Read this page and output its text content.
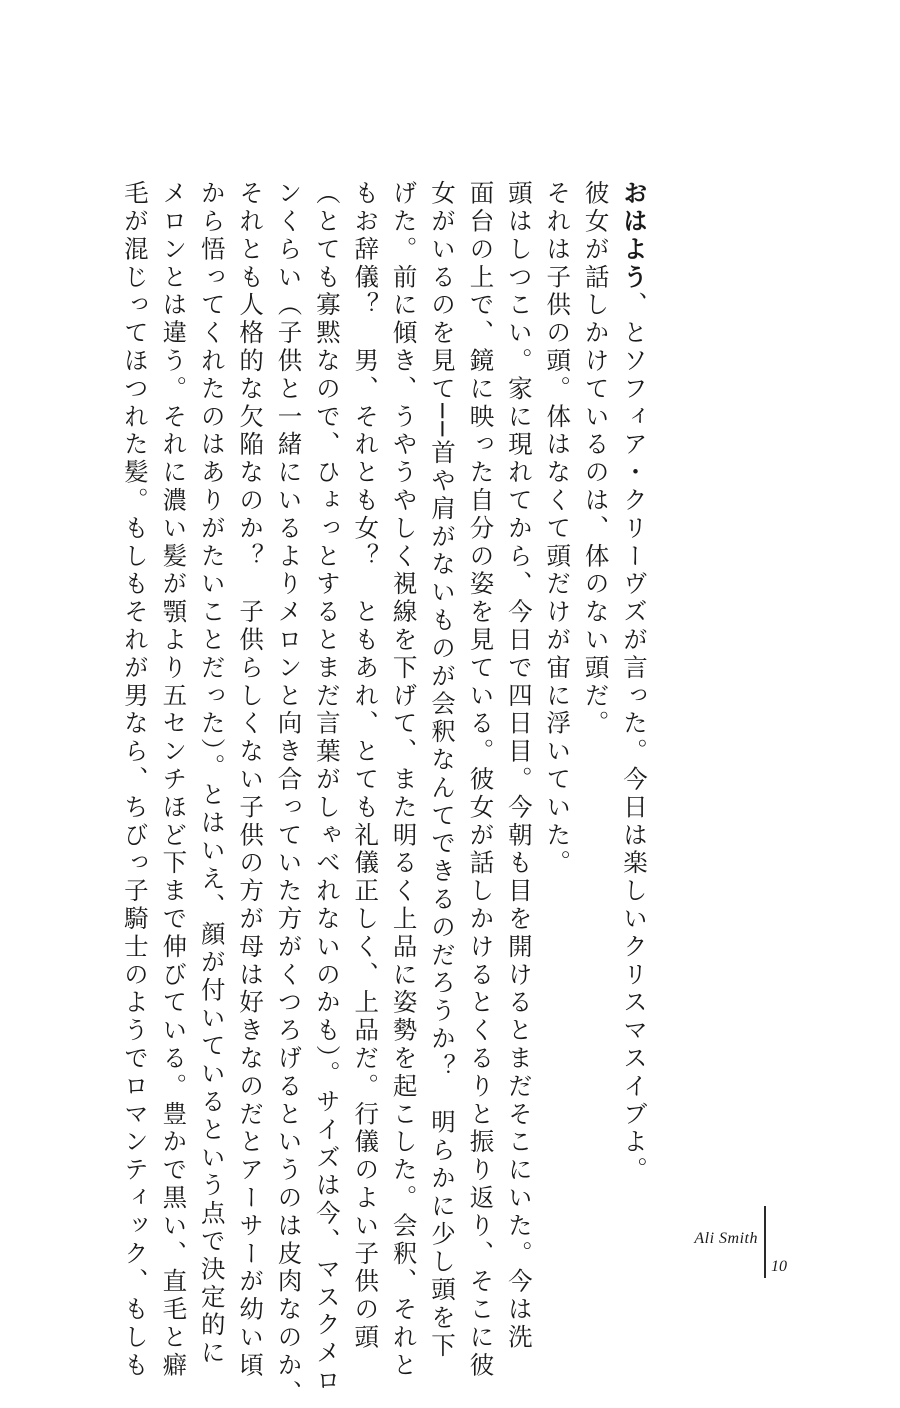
おはよう、とソフィア・クリーヴズが言った。今日は楽しいクリスマスイブよ。

彼女が話しかけているのは、体のない頭だ。

それは子供の頭。体はなくて頭だけが宙に浮いていた。

頭はしつこい。家に現れてから、今日で四日目。今朝も目を開けるとまだそこにいた。今は洗

面台の上で、鏡に映った自分の姿を見ている。彼女が話しかけるとくるりと振り返り、そこに彼

女がいるのを見て──首や肩がないものが会釈なんてできるのだろうか？　明らかに少し頭を下

げた。前に傾き、うやうやしく視線を下げて、また明るく上品に姿勢を起こした。会釈、それと

もお辞儀？　男、それとも女？　ともあれ、とても礼儀正しく、上品だ。行儀のよい子供の頭

（とても寡黙なので、ひょっとするとまだ言葉がしゃべれないのかも）。サイズは今、マスクメロ

ンくらい（子供と一緒にいるよりメロンと向き合っていた方がくつろげるというのは皮肉なのか、

それとも人格的な欠陥なのか？　子供らしくない子供の方が母は好きなのだとアーサーが幼い頃

から悟ってくれたのはありがたいことだった）。とはいえ、顔が付いているという点で決定的に

メロンとは違う。それに濃い髪が顎より五センチほど下まで伸びている。豊かで黒い、直毛と癖

毛が混じってほつれた髪。もしもそれが男なら、ちびっ子騎士のようでロマンティック、もしも	Ali Smith
10
